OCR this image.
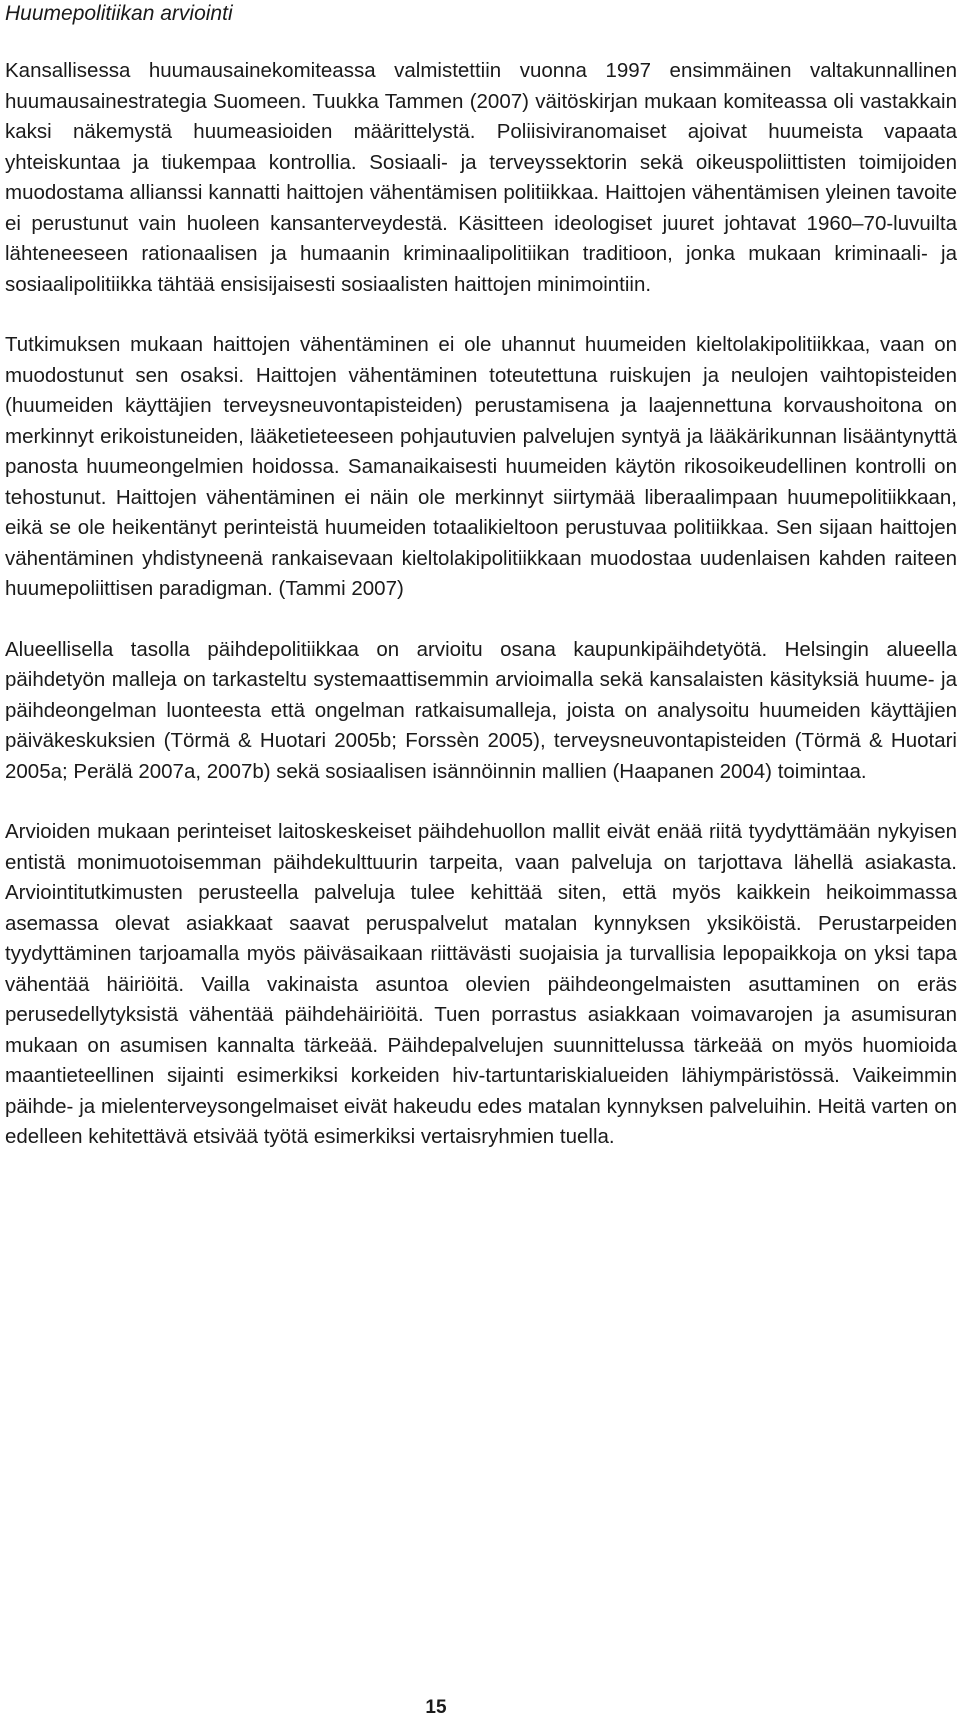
Huumepolitiikan arviointi

Kansallisessa huumausainekomiteassa valmistettiin vuonna 1997 ensimmäinen valtakunnallinen huumausainestrategia Suomeen. Tuukka Tammen (2007) väitöskirjan mukaan komiteassa oli vastakkain kaksi näkemystä huumeasioiden määrittelystä. Poliisiviranomaiset ajoivat huumeista vapaata yhteiskuntaa ja tiukempaa kontrollia. Sosiaali- ja terveyssektorin sekä oikeuspoliittisten toimijoiden muodostama allianssi kannatti haittojen vähentämisen politiikkaa. Haittojen vähentämisen yleinen tavoite ei perustunut vain huoleen kansanterveydestä. Käsitteen ideologiset juuret johtavat 1960–70-luvuilta lähteneeseen rationaalisen ja humaanin kriminaalipolitiikan traditioon, jonka mukaan kriminaali- ja sosiaalipolitiikka tähtää ensisijaisesti sosiaalisten haittojen minimointiin.

Tutkimuksen mukaan haittojen vähentäminen ei ole uhannut huumeiden kieltolakipolitiikkaa, vaan on muodostunut sen osaksi. Haittojen vähentäminen toteutettuna ruiskujen ja neulojen vaihtopisteiden (huumeiden käyttäjien terveysneuvontapisteiden) perustamisena ja laajennettuna korvaushoitona on merkinnyt erikoistuneiden, lääketieteeseen pohjautuvien palvelujen syntyä ja lääkärikunnan lisääntynyttä panosta huumeongelmien hoidossa. Samanaikaisesti huumeiden käytön rikosoikeudellinen kontrolli on tehostunut. Haittojen vähentäminen ei näin ole merkinnyt siirtymää liberaalimpaan huumepolitiikkaan, eikä se ole heikentänyt perinteistä huumeiden totaalikieltoon perustuvaa politiikkaa. Sen sijaan haittojen vähentäminen yhdistyneenä rankaisevaan kieltolakipolitiikkaan muodostaa uudenlaisen kahden raiteen huumepoliittisen paradigman. (Tammi 2007)

Alueellisella tasolla päihdepolitiikkaa on arvioitu osana kaupunkipäihdetyötä. Helsingin alueella päihdetyön malleja on tarkasteltu systemaattisemmin arvioimalla sekä kansalaisten käsityksiä huume- ja päihdeongelman luonteesta että ongelman ratkaisumalleja, joista on analysoitu huumeiden käyttäjien päiväkeskuksien (Törmä & Huotari 2005b; Forssèn 2005), terveysneuvontapisteiden (Törmä & Huotari 2005a; Perälä 2007a, 2007b) sekä sosiaalisen isännöinnin mallien (Haapanen 2004) toimintaa.

Arvioiden mukaan perinteiset laitoskeskeiset päihdehuollon mallit eivät enää riitä tyydyttämään nykyisen entistä monimuotoisemman päihdekulttuurin tarpeita, vaan palveluja on tarjottava lähellä asiakasta. Arviointitutkimusten perusteella palveluja tulee kehittää siten, että myös kaikkein heikoimmassa asemassa olevat asiakkaat saavat peruspalvelut matalan kynnyksen yksiköistä. Perustarpeiden tyydyttäminen tarjoamalla myös päiväsaikaan riittävästi suojaisia ja turvallisia lepopaikkoja on yksi tapa vähentää häiriöitä. Vailla vakinaista asuntoa olevien päihdeongelmaisten asuttaminen on eräs perusedellytyksistä vähentää päihdehäiriöitä. Tuen porrastus asiakkaan voimavarojen ja asumisuran mukaan on asumisen kannalta tärkeää. Päihdepalvelujen suunnittelussa tärkeää on myös huomioida maantieteellinen sijainti esimerkiksi korkeiden hiv-tartuntariskialueiden lähiympäristössä. Vaikeimmin päihde- ja mielenterveysongelmaiset eivät hakeudu edes matalan kynnyksen palveluihin. Heitä varten on edelleen kehitettävä etsivää työtä esimerkiksi vertaisryhmien tuella.

15
